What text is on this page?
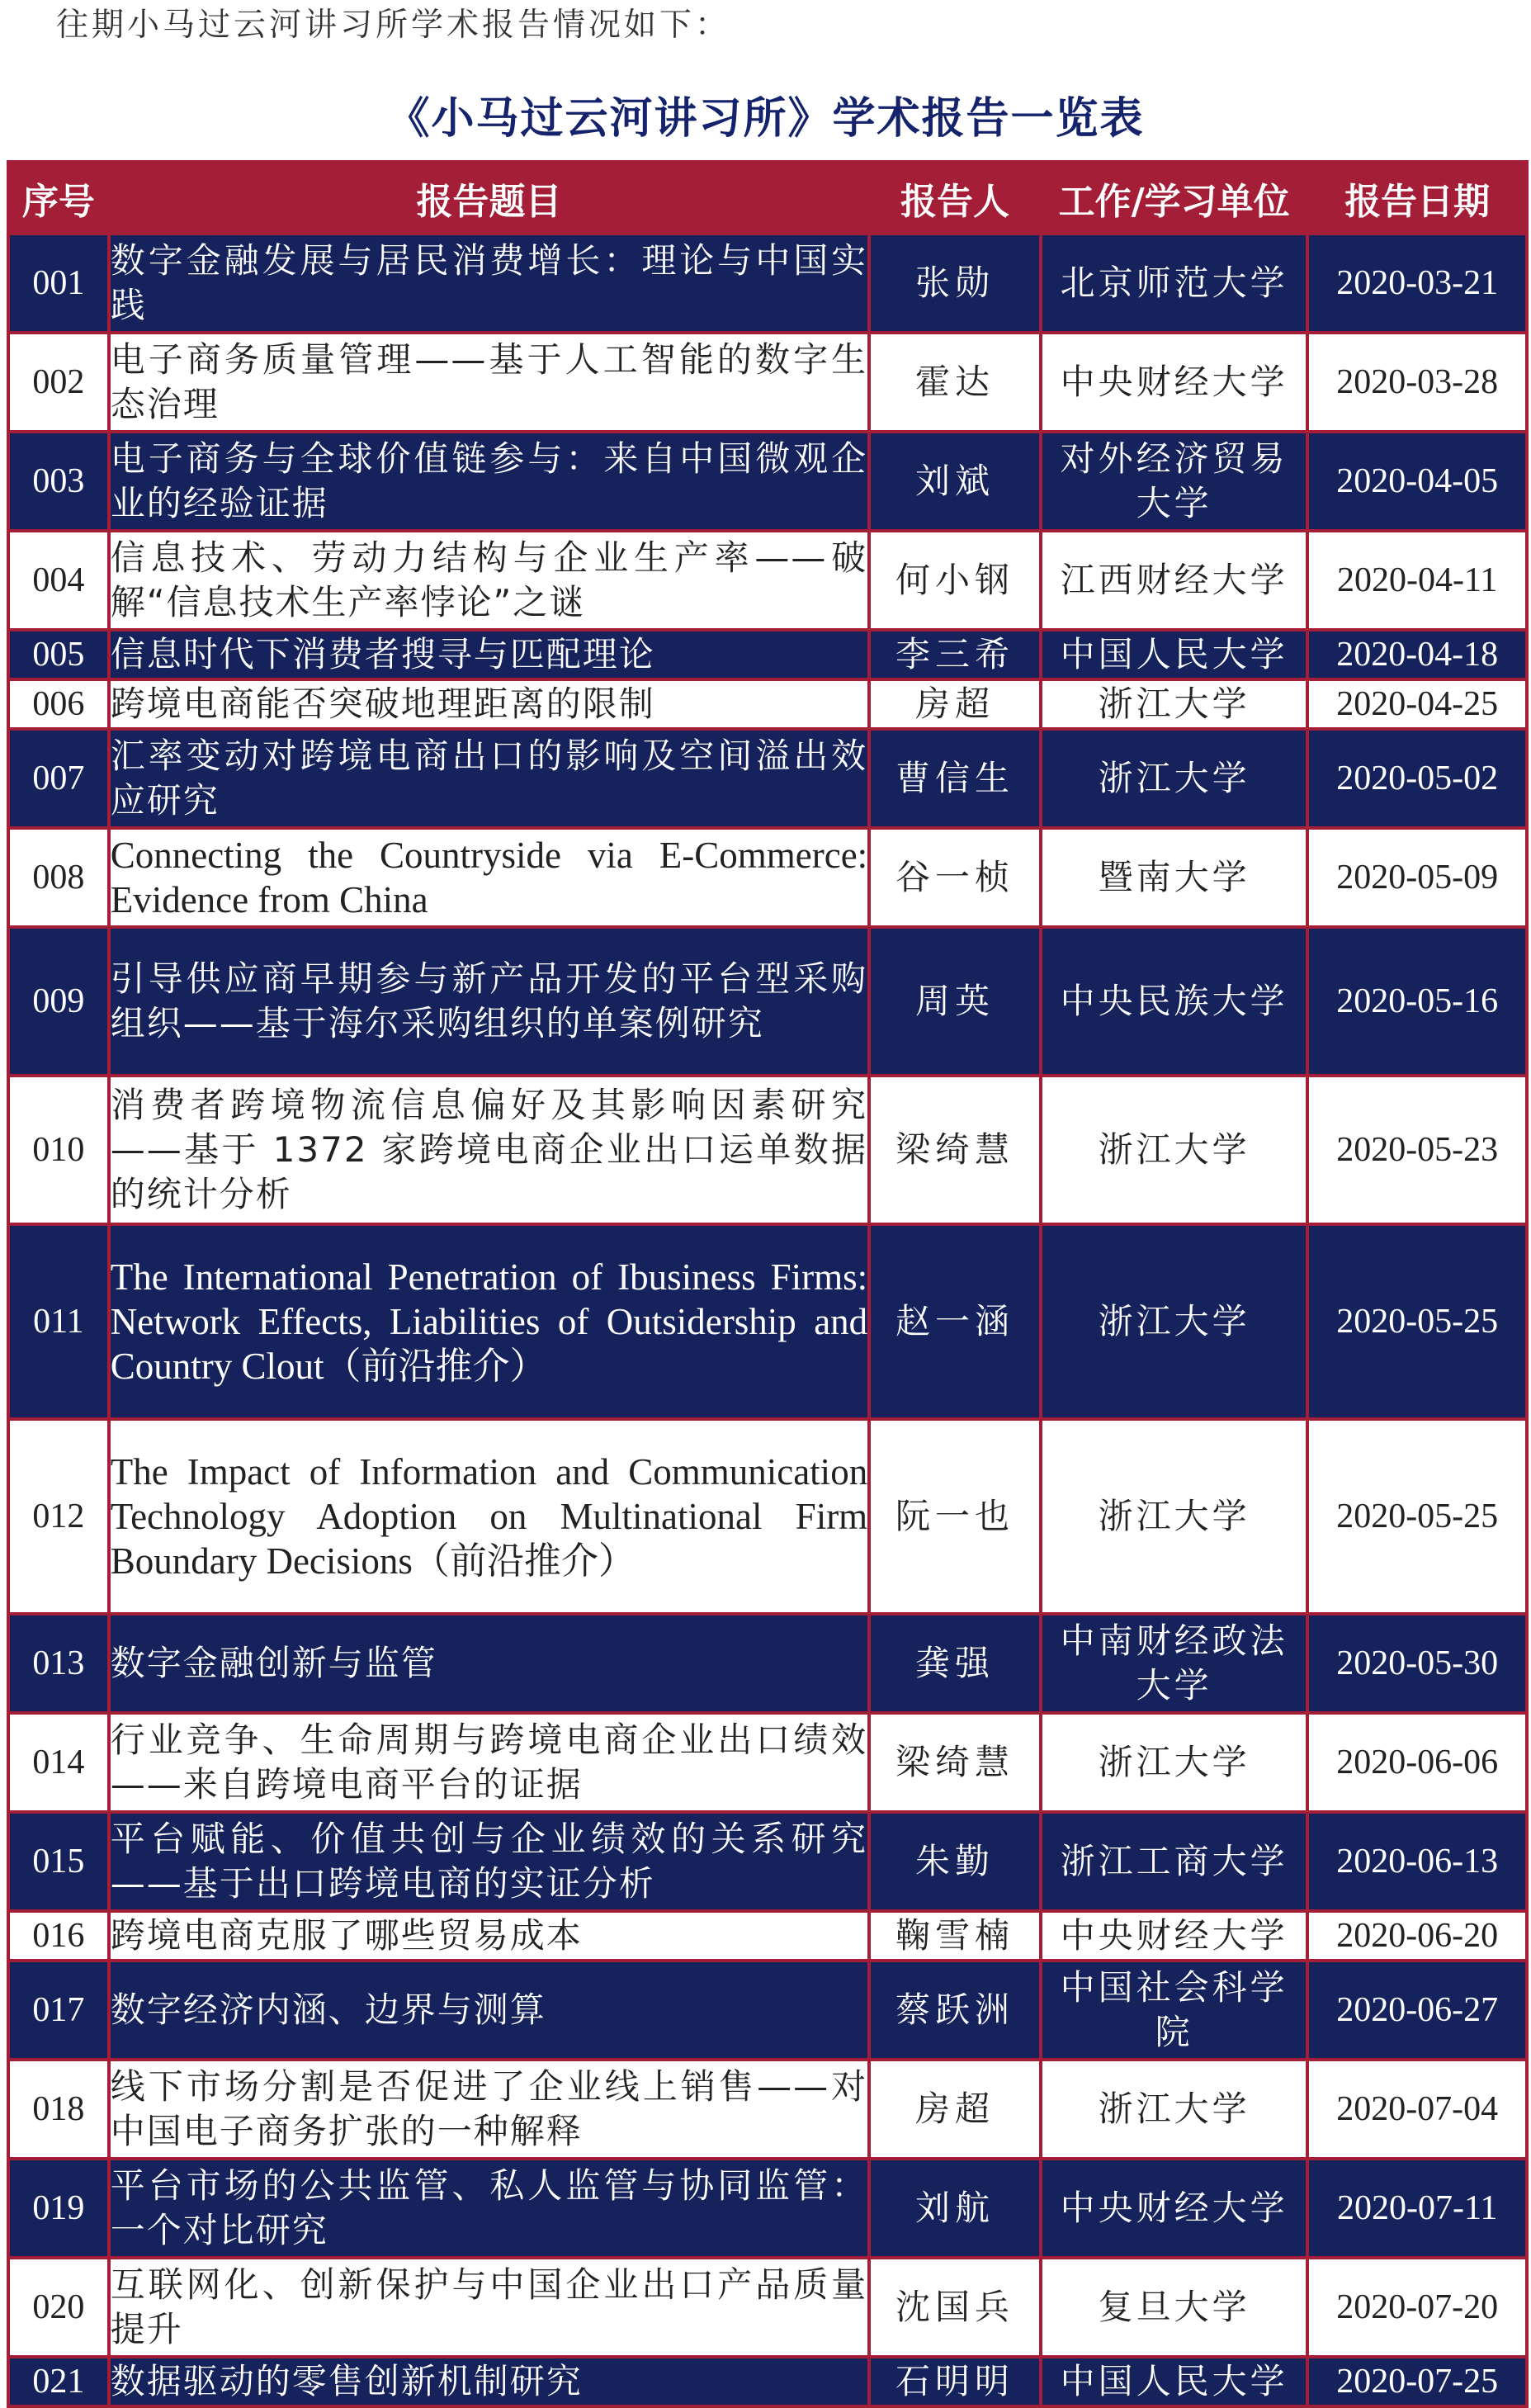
往期小马过云河讲习所学术报告情况如下：

《小马过云河讲习所》学术报告一览表
序号	报告题目	报告人	工作/学习单位	报告日期
001	数字金融发展与居民消费增长：理论与中国实践	张勋	北京师范大学	2020-03-21
002	电子商务质量管理——基于人工智能的数字生态治理	霍达	中央财经大学	2020-03-28
003	电子商务与全球价值链参与：来自中国微观企业的经验证据	刘斌	对外经济贸易大学	2020-04-05
004	信息技术、劳动力结构与企业生产率——破解“信息技术生产率悖论”之谜	何小钢	江西财经大学	2020-04-11
005	信息时代下消费者搜寻与匹配理论	李三希	中国人民大学	2020-04-18
006	跨境电商能否突破地理距离的限制	房超	浙江大学	2020-04-25
007	汇率变动对跨境电商出口的影响及空间溢出效应研究	曹信生	浙江大学	2020-05-02
008	Connecting the Countryside via E-Commerce: Evidence from China	谷一桢	暨南大学	2020-05-09
009	引导供应商早期参与新产品开发的平台型采购组织——基于海尔采购组织的单案例研究	周英	中央民族大学	2020-05-16
010	消费者跨境物流信息偏好及其影响因素研究——基于 1372 家跨境电商企业出口运单数据的统计分析	梁绮慧	浙江大学	2020-05-23
011	The International Penetration of Ibusiness Firms: Network Effects, Liabilities of Outsidership and Country Clout（前沿推介）	赵一涵	浙江大学	2020-05-25
012	The Impact of Information and Communication Technology Adoption on Multinational Firm Boundary Decisions（前沿推介）	阮一也	浙江大学	2020-05-25
013	数字金融创新与监管	龚强	中南财经政法大学	2020-05-30
014	行业竞争、生命周期与跨境电商企业出口绩效——来自跨境电商平台的证据	梁绮慧	浙江大学	2020-06-06
015	平台赋能、价值共创与企业绩效的关系研究——基于出口跨境电商的实证分析	朱勤	浙江工商大学	2020-06-13
016	跨境电商克服了哪些贸易成本	鞠雪楠	中央财经大学	2020-06-20
017	数字经济内涵、边界与测算	蔡跃洲	中国社会科学院	2020-06-27
018	线下市场分割是否促进了企业线上销售——对中国电子商务扩张的一种解释	房超	浙江大学	2020-07-04
019	平台市场的公共监管、私人监管与协同监管：一个对比研究	刘航	中央财经大学	2020-07-11
020	互联网化、创新保护与中国企业出口产品质量提升	沈国兵	复旦大学	2020-07-20
021	数据驱动的零售创新机制研究	石明明	中国人民大学	2020-07-25
